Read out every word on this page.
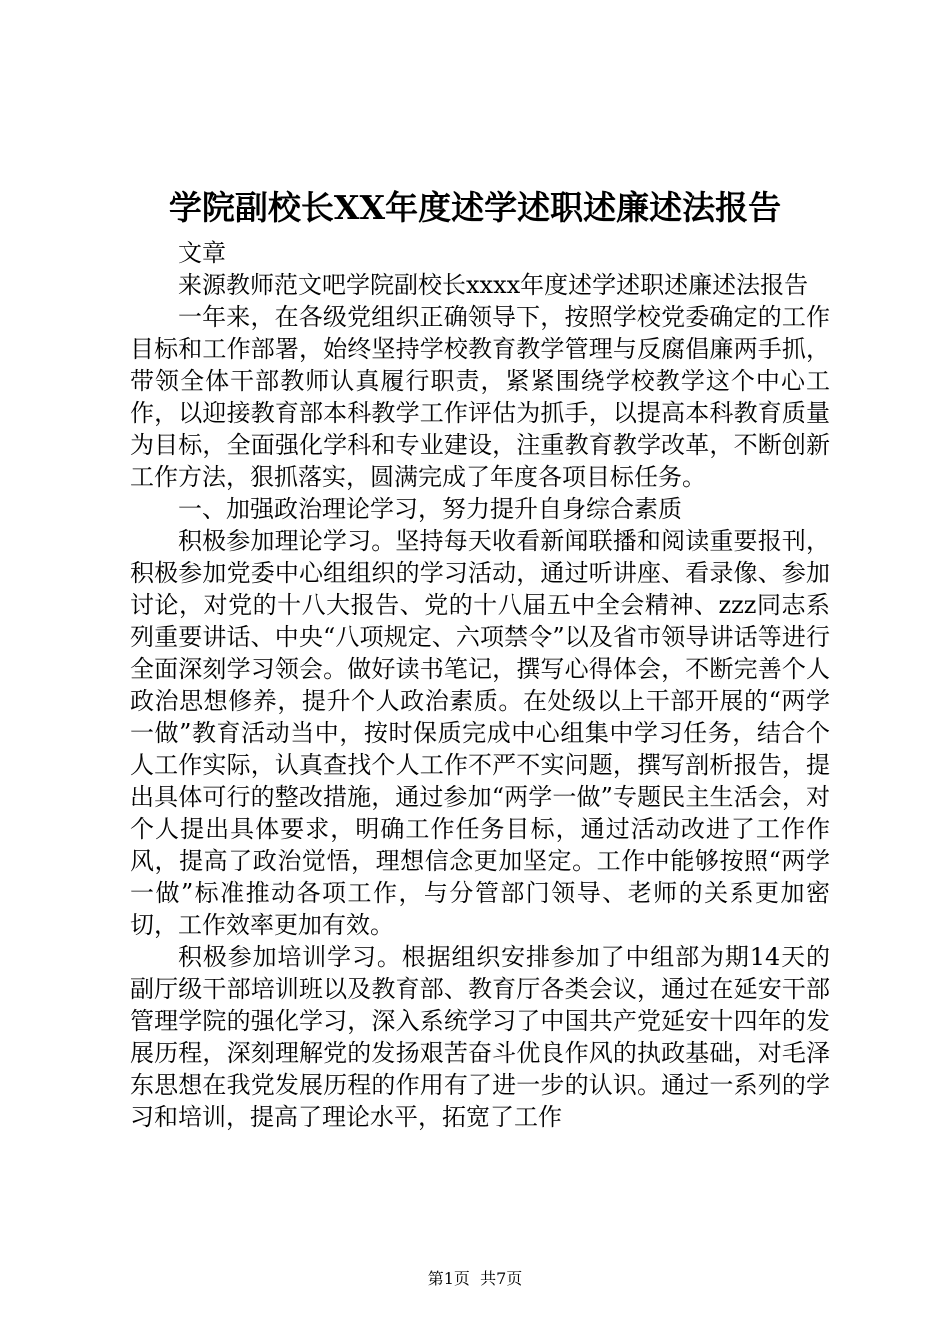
学院副校长XX年度述学述职述廉述法报告

文章

来源教师范文吧学院副校长xxxx年度述学述职述廉述法报告

一年来，在各级党组织正确领导下，按照学校党委确定的工作目标和工作部署，始终坚持学校教育教学管理与反腐倡廉两手抓，带领全体干部教师认真履行职责，紧紧围绕学校教学这个中心工作，以迎接教育部本科教学工作评估为抓手，以提高本科教育质量为目标，全面强化学科和专业建设，注重教育教学改革，不断创新工作方法，狠抓落实，圆满完成了年度各项目标任务。

一、加强政治理论学习，努力提升自身综合素质

积极参加理论学习。坚持每天收看新闻联播和阅读重要报刊，积极参加党委中心组组织的学习活动，通过听讲座、看录像、参加讨论，对党的十八大报告、党的十八届五中全会精神、zzz同志系列重要讲话、中央“八项规定、六项禁令”以及省市领导讲话等进行全面深刻学习领会。做好读书笔记，撰写心得体会，不断完善个人政治思想修养，提升个人政治素质。在处级以上干部开展的“两学一做”教育活动当中，按时保质完成中心组集中学习任务，结合个人工作实际，认真查找个人工作不严不实问题，撰写剖析报告，提出具体可行的整改措施，通过参加“两学一做”专题民主生活会，对个人提出具体要求，明确工作任务目标，通过活动改进了工作作风，提高了政治觉悟，理想信念更加坚定。工作中能够按照“两学一做”标准推动各项工作，与分管部门领导、老师的关系更加密切，工作效率更加有效。

积极参加培训学习。根据组织安排参加了中组部为期14天的副厅级干部培训班以及教育部、教育厅各类会议，通过在延安干部管理学院的强化学习，深入系统学习了中国共产党延安十四年的发展历程，深刻理解党的发扬艰苦奋斗优良作风的执政基础，对毛泽东思想在我党发展历程的作用有了进一步的认识。通过一系列的学习和培训，提高了理论水平，拓宽了工作

第1页  共7页
